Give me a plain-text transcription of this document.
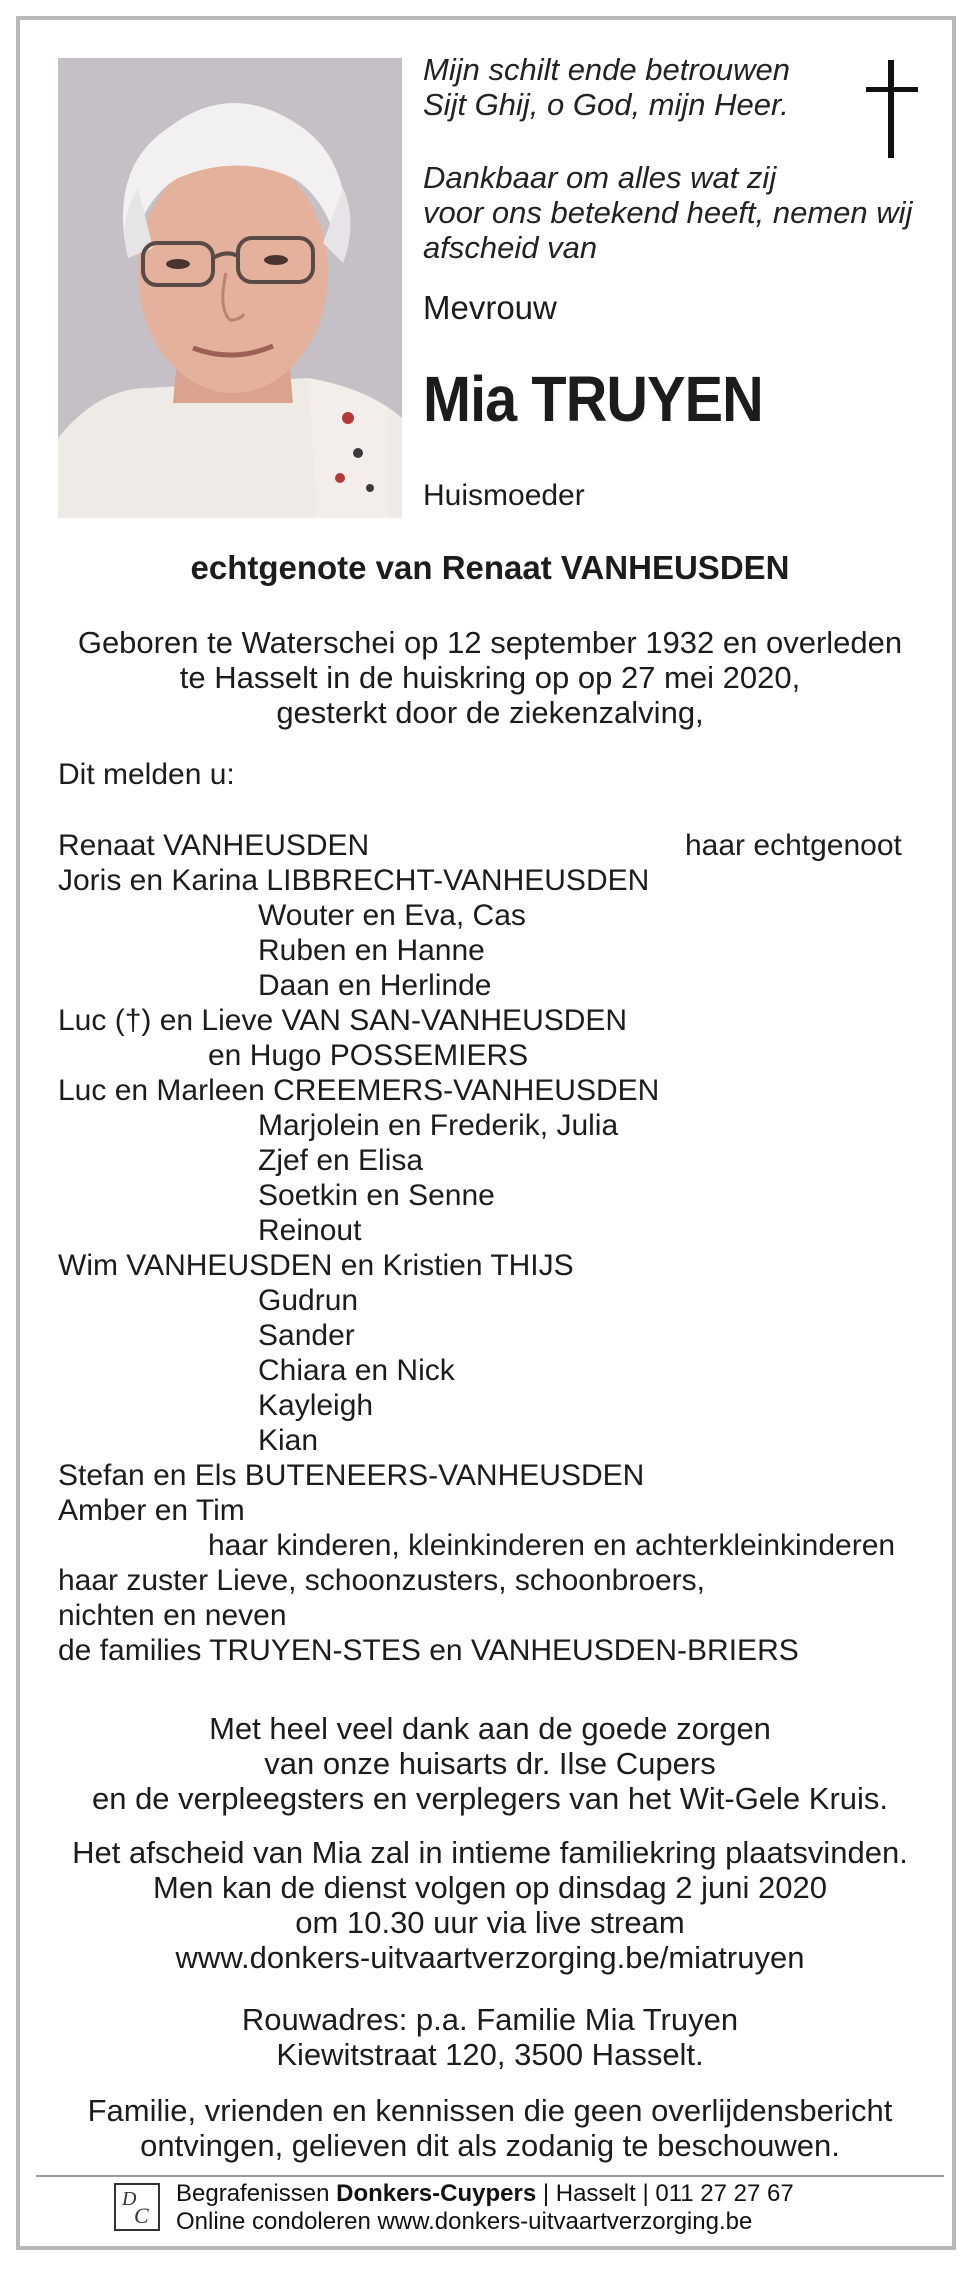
Mijn schilt ende betrouwen
Sijt Ghij, o God, mijn Heer.
Dankbaar om alles wat zij
voor ons betekend heeft, nemen wij
afscheid van
Mevrouw
Mia TRUYEN
Huismoeder
echtgenote van Renaat VANHEUSDEN
Geboren te Waterschei op 12 september 1932 en overleden
te Hasselt in de huiskring op op 27 mei 2020,
gesterkt door de ziekenzalving,
Dit melden u:
Renaat VANHEUSDEN	haar echtgenoot
Joris en Karina LIBBRECHT-VANHEUSDEN
Wouter en Eva, Cas
Ruben en Hanne
Daan en Herlinde
Luc (†) en Lieve VAN SAN-VANHEUSDEN
en Hugo POSSEMIERS
Luc en Marleen CREEMERS-VANHEUSDEN
Marjolein en Frederik, Julia
Zjef en Elisa
Soetkin en Senne
Reinout
Wim VANHEUSDEN en Kristien THIJS
Gudrun
Sander
Chiara en Nick
Kayleigh
Kian
Stefan en Els BUTENEERS-VANHEUSDEN
Amber en Tim
haar kinderen, kleinkinderen en achterkleinkinderen
haar zuster Lieve, schoonzusters, schoonbroers,
nichten en neven
de families TRUYEN-STES en VANHEUSDEN-BRIERS
Met heel veel dank aan de goede zorgen
van onze huisarts dr. Ilse Cupers
en de verpleegsters en verplegers van het Wit-Gele Kruis.
Het afscheid van Mia zal in intieme familiekring plaatsvinden.
Men kan de dienst volgen op dinsdag 2 juni 2020
om 10.30 uur via live stream
www.donkers-uitvaartverzorging.be/miatruyen
Rouwadres: p.a. Familie Mia Truyen
Kiewitstraat 120, 3500 Hasselt.
Familie, vrienden en kennissen die geen overlijdensbericht
ontvingen, gelieven dit als zodanig te beschouwen.
D
C
Begrafenissen Donkers-Cuypers | Hasselt | 011 27 27 67
Online condoleren www.donkers-uitvaartverzorging.be
